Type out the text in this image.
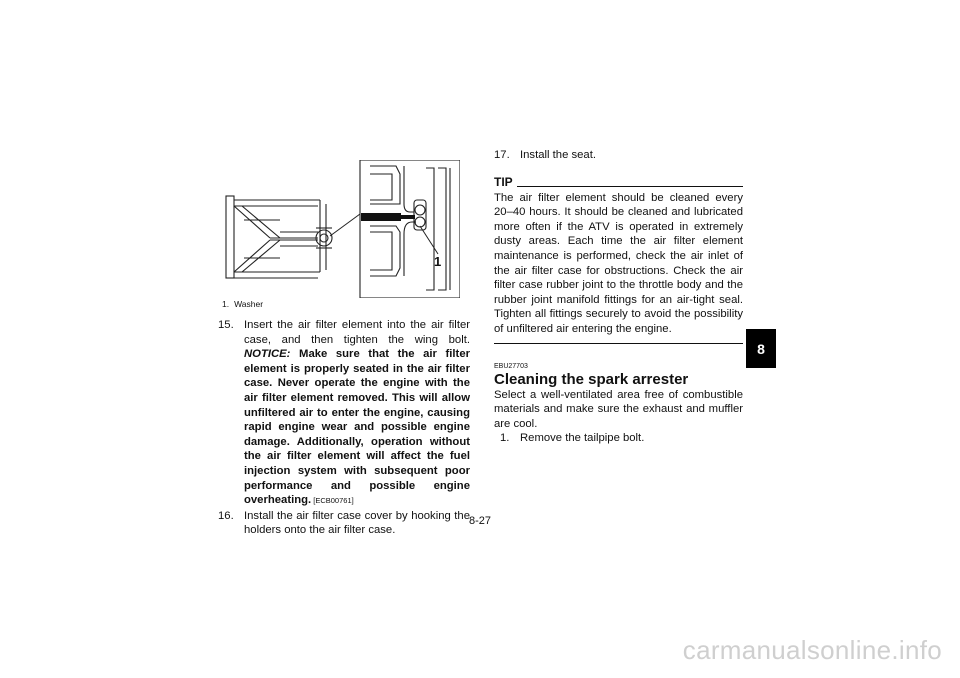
1
1. Washer

15. Insert the air filter element into the air filter case, and then tighten the wing bolt. NOTICE: Make sure that the air filter element is properly seated in the air filter case. Never operate the engine with the air filter element removed. This will allow unfiltered air to enter the engine, causing rapid engine wear and possible engine damage. Additionally, operation without the air filter element will affect the fuel injection system with subsequent poor performance and possible engine overheating. [ECB00761]

16. Install the air filter case cover by hooking the holders onto the air filter case.

17. Install the seat.

TIP

The air filter element should be cleaned every 20–40 hours. It should be cleaned and lubricated more often if the ATV is operated in extremely dusty areas. Each time the air filter element maintenance is performed, check the air inlet of the air filter case for obstructions. Check the air filter case rubber joint to the throttle body and the rubber joint manifold fittings for an air-tight seal. Tighten all fittings securely to avoid the possibility of unfiltered air entering the engine.

EBU27703
Cleaning the spark arrester

Select a well-ventilated area free of combustible materials and make sure the exhaust and muffler are cool.

1. Remove the tailpipe bolt.

8-27
8
carmanualsonline.info
